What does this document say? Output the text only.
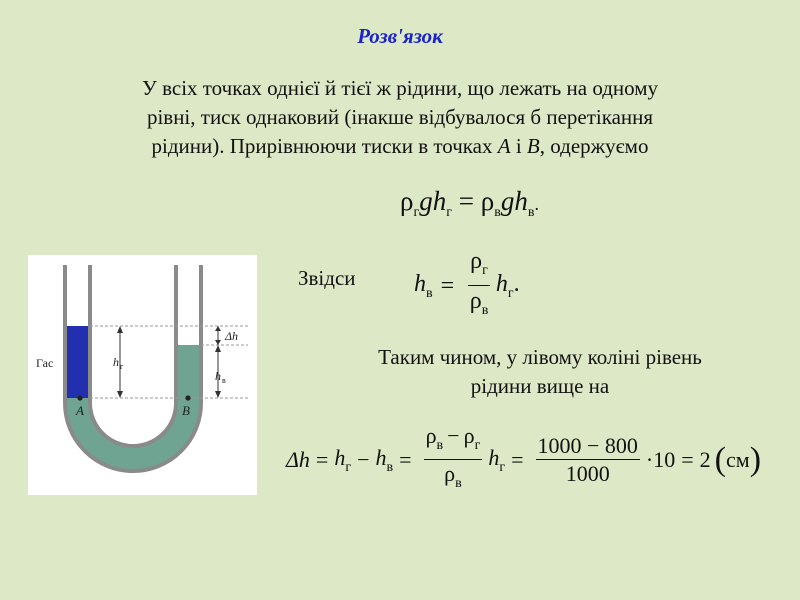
Розв'язок
У всіх точках однієї й тієї ж рідини, що лежать на одному
рівні, тиск однаковий (інакше відбувалося б перетікання
рідини). Прирівнюючи тиски в точках A і B, одержуємо
$\rho_гgh_г = \rho_вgh_в$.
Звідси $h_в = \frac{\rho_г}{\rho_в} h_г$.
Таким чином, у лівому коліні рівень
рідини вище на
$\Delta h = h_г - h_в = \frac{\rho_в - \rho_г}{\rho_в} h_г = \frac{1000 - 800}{1000} \cdot 10 = 2$ ( см )
Гас
A	B
h г
h в
Δh
